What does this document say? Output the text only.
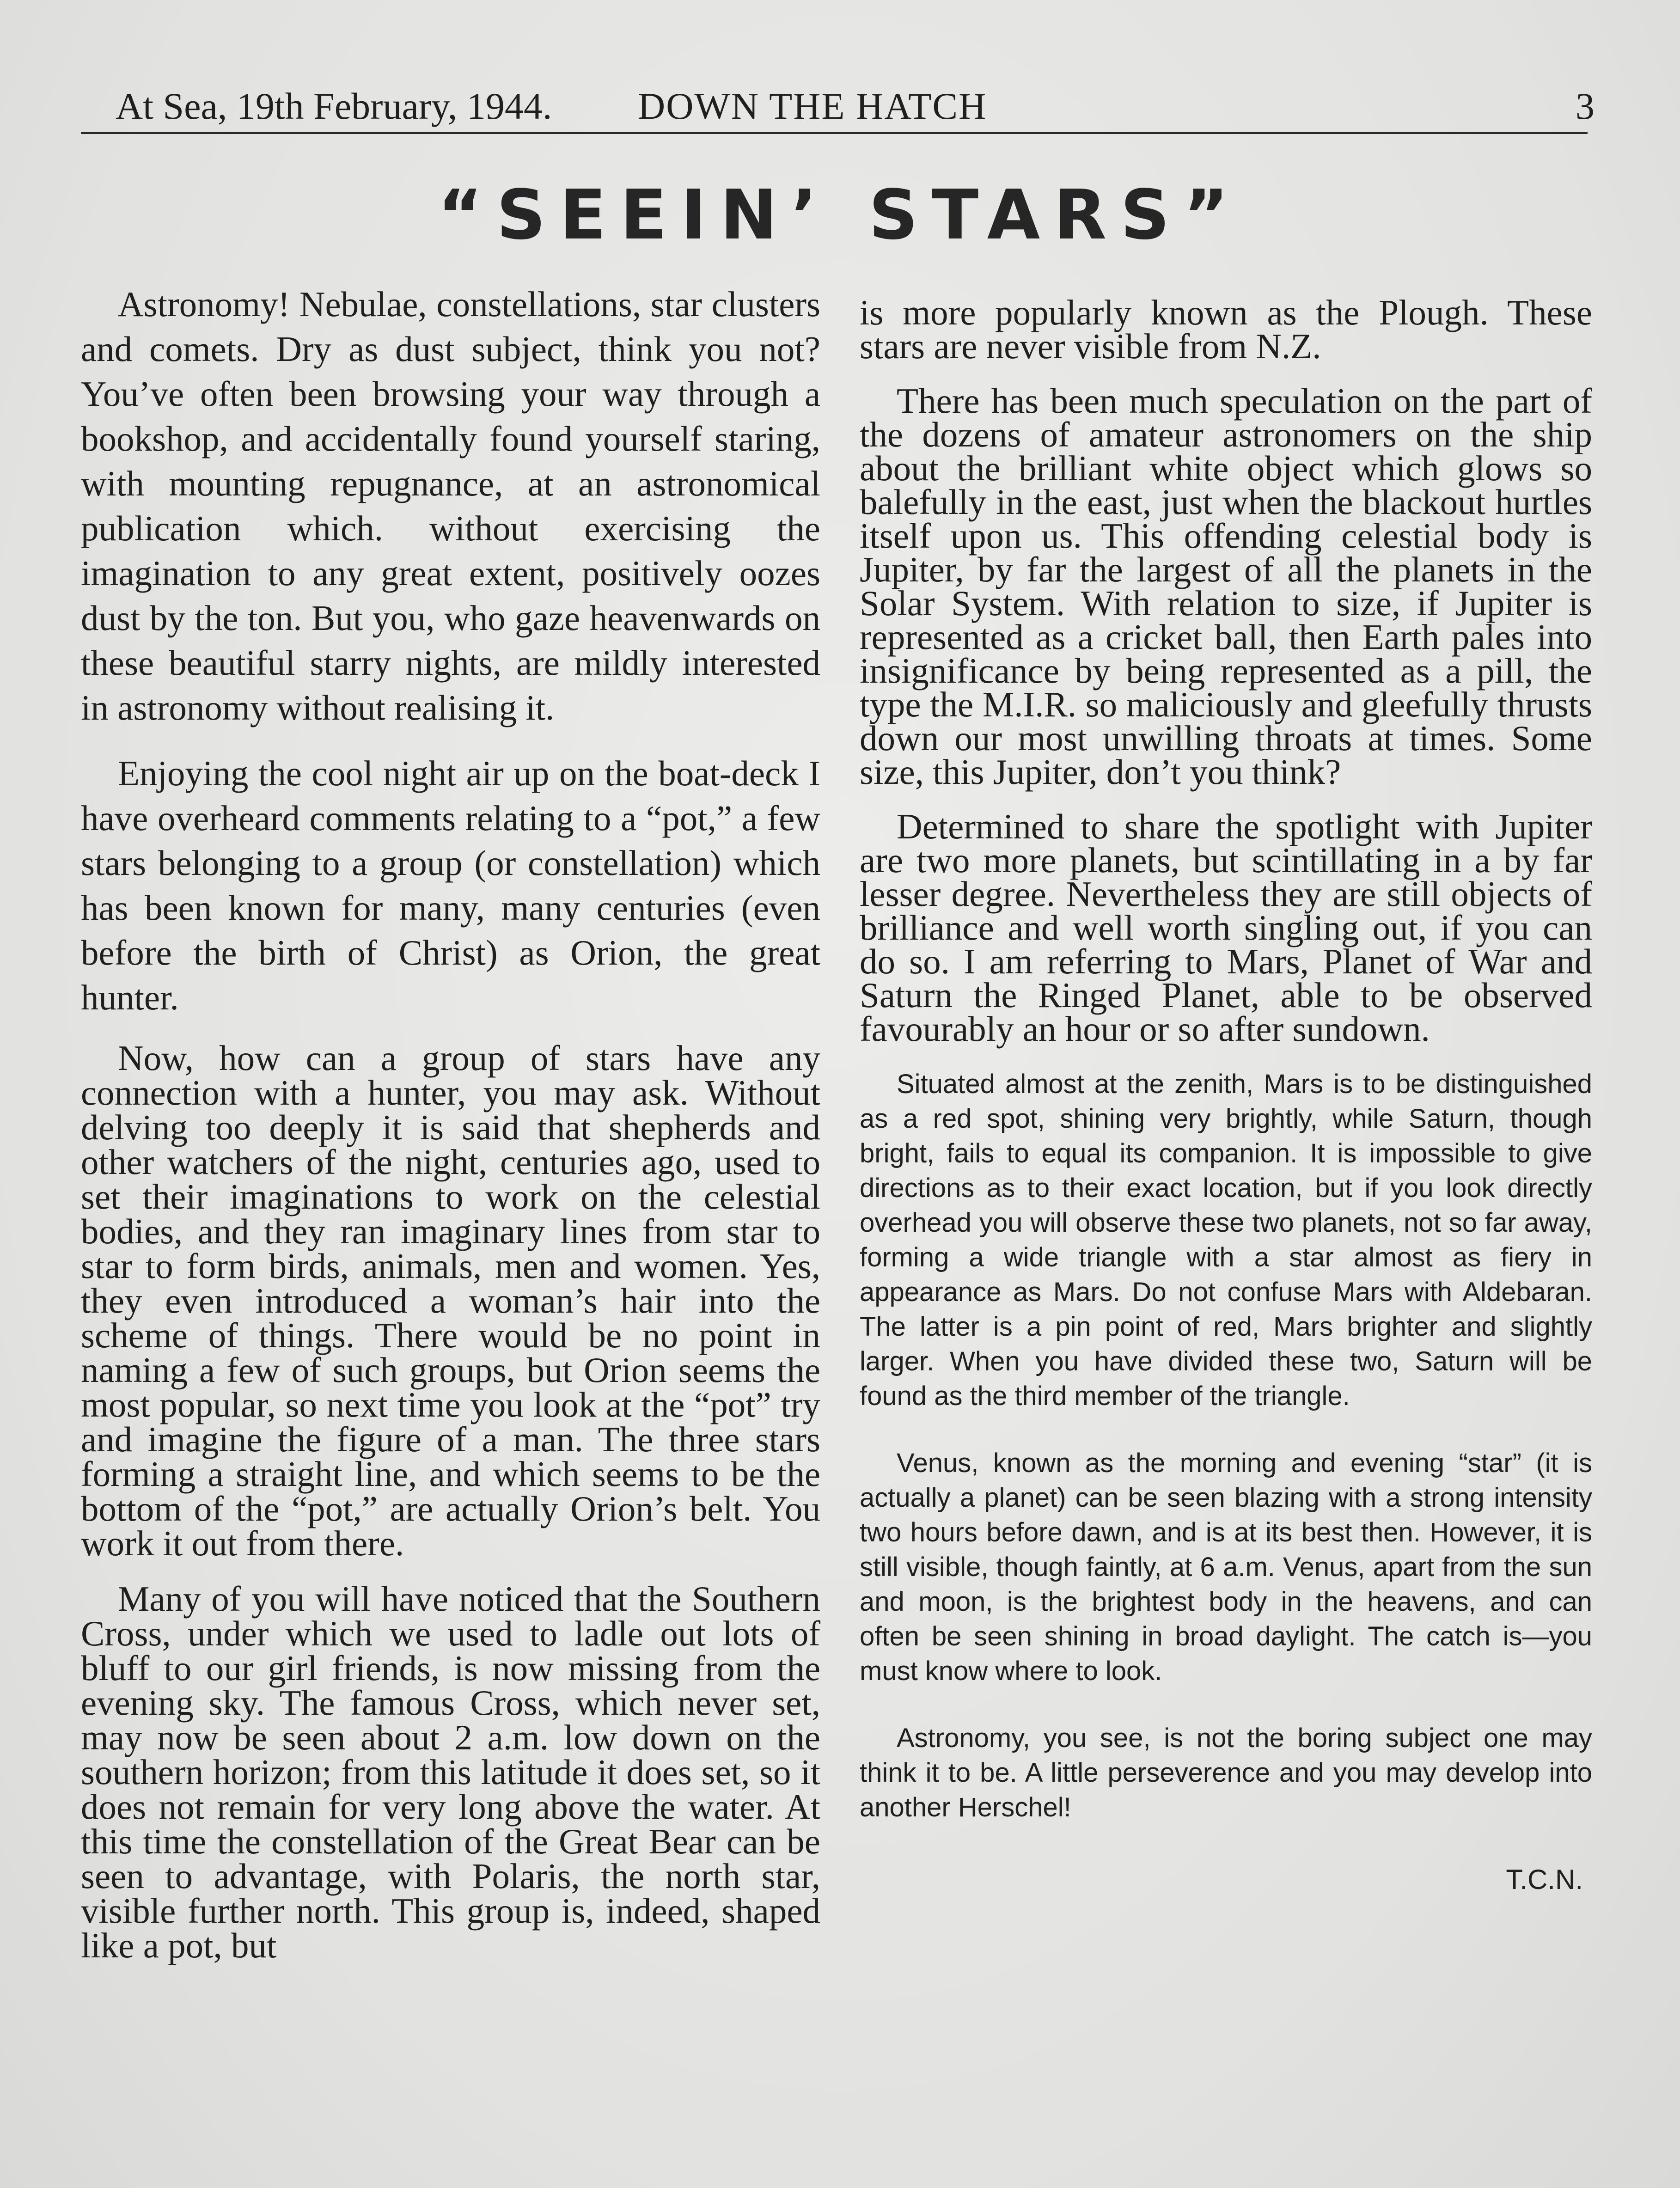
At Sea, 19th February, 1944. DOWN THE HATCH	3
“SEEIN’ STARS”

Astronomy! Nebulae, constellations, star clusters and comets. Dry as dust subject, think you not? You’ve often been browsing your way through a bookshop, and accidentally found yourself staring, with mounting repugnance, at an astronomical publication which. without exercising the imagination to any great extent, positively oozes dust by the ton. But you, who gaze heavenwards on these beautiful starry nights, are mildly interested in astronomy without realising it.

Enjoying the cool night air up on the boat-deck I have overheard comments relating to a “pot,” a few stars belonging to a group (or constellation) which has been known for many, many centuries (even before the birth of Christ) as Orion, the great hunter.

Now, how can a group of stars have any connection with a hunter, you may ask. Without delving too deeply it is said that shepherds and other watchers of the night, centuries ago, used to set their imaginations to work on the celestial bodies, and they ran imaginary lines from star to star to form birds, animals, men and women. Yes, they even introduced a woman’s hair into the scheme of things. There would be no point in naming a few of such groups, but Orion seems the most popular, so next time you look at the “pot” try and imagine the figure of a man. The three stars forming a straight line, and which seems to be the bottom of the “pot,” are actually Orion’s belt. You work it out from there.

Many of you will have noticed that the Southern Cross, under which we used to ladle out lots of bluff to our girl friends, is now missing from the evening sky. The famous Cross, which never set, may now be seen about 2 a.m. low down on the southern horizon; from this latitude it does set, so it does not remain for very long above the water. At this time the constellation of the Great Bear can be seen to advantage, with Polaris, the north star, visible further north. This group is, indeed, shaped like a pot, but

is more popularly known as the Plough. These stars are never visible from N.Z.

There has been much speculation on the part of the dozens of amateur astronomers on the ship about the brilliant white object which glows so balefully in the east, just when the blackout hurtles itself upon us. This offending celestial body is Jupiter, by far the largest of all the planets in the Solar System. With relation to size, if Jupiter is represented as a cricket ball, then Earth pales into insignificance by being represented as a pill, the type the M.I.R. so maliciously and gleefully thrusts down our most unwilling throats at times. Some size, this Jupiter, don’t you think?

Determined to share the spotlight with Jupiter are two more planets, but scintillating in a by far lesser degree. Nevertheless they are still objects of brilliance and well worth singling out, if you can do so. I am referring to Mars, Planet of War and Saturn the Ringed Planet, able to be observed favourably an hour or so after sundown.

Situated almost at the zenith, Mars is to be distinguished as a red spot, shining very brightly, while Saturn, though bright, fails to equal its companion. It is impossible to give directions as to their exact location, but if you look directly overhead you will observe these two planets, not so far away, forming a wide triangle with a star almost as fiery in appearance as Mars. Do not confuse Mars with Aldebaran. The latter is a pin point of red, Mars brighter and slightly larger. When you have divided these two, Saturn will be found as the third member of the triangle.

Venus, known as the morning and evening “star” (it is actually a planet) can be seen blazing with a strong intensity two hours before dawn, and is at its best then. However, it is still visible, though faintly, at 6 a.m. Venus, apart from the sun and moon, is the brightest body in the heavens, and can often be seen shining in broad daylight. The catch is—you must know where to look.

Astronomy, you see, is not the boring subject one may think it to be. A little perseverence and you may develop into another Herschel!

T.C.N.
